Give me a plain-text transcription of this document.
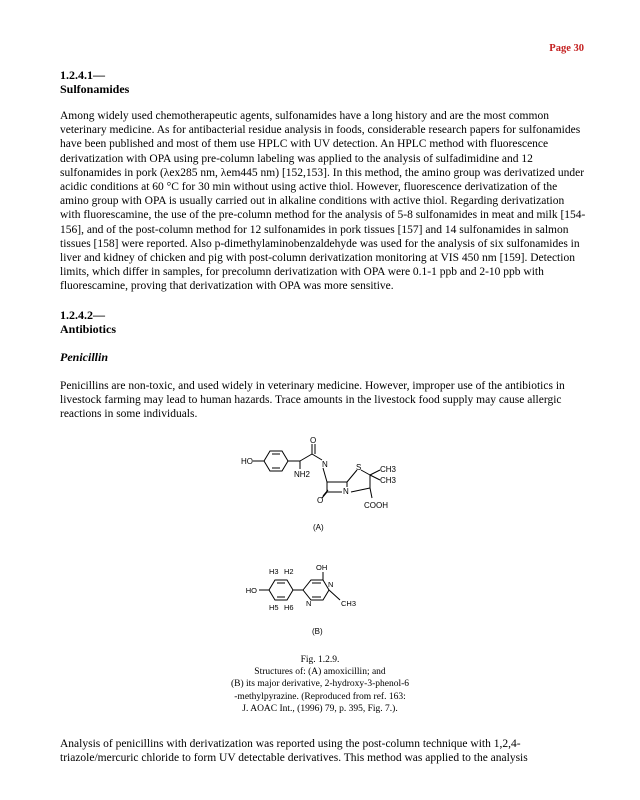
Page 30

1.2.4.1—

Sulfonamides

Among widely used chemotherapeutic agents, sulfonamides have a long history and are the most common veterinary medicine. As for antibacterial residue analysis in foods, considerable research papers for sulfonamides have been published and most of them use HPLC with UV detection. An HPLC method with fluorescence derivatization with OPA using pre-column labeling was applied to the analysis of sulfadimidine and 12 sulfonamides in pork (λex285 nm, λem445 nm) [152,153]. In this method, the amino group was derivatized under acidic conditions at 60 °C for 30 min without using active thiol. However, fluorescence derivatization of the amino group with OPA is usually carried out in alkaline conditions with active thiol. Regarding derivatization with fluorescamine, the use of the pre-column method for the analysis of 5-8 sulfonamides in meat and milk [154-156], and of the post-column method for 12 sulfonamides in pork tissues [157] and 14 sulfonamides in salmon tissues [158] were reported. Also p-dimethylaminobenzaldehyde was used for the analysis of six sulfonamides in liver and kidney of chicken and pig with post-column derivatization monitoring at VIS 450 nm [159]. Detection limits, which differ in samples, for precolumn derivatization with OPA were 0.1-1 ppb and 2-10 ppb with fluorescamine, proving that derivatization with OPA was more sensitive.

1.2.4.2—

Antibiotics

Penicillin

Penicillins are non-toxic, and used widely in veterinary medicine. However, improper use of the antibiotics in livestock farming may lead to human hazards. Trace amounts in the livestock food supply may cause allergic reactions in some individuals.

HO
O
N
NH2
S CH3
CH3
N
O
COOH
(A)
HO
H3 H2
H5 H6
OH
N
N	CH3
(B)
Fig. 1.2.9.
Structures of: (A) amoxicillin; and
(B) its major derivative, 2-hydroxy-3-phenol-6
-methylpyrazine. (Reproduced from ref. 163:
J. AOAC Int., (1996) 79, p. 395, Fig. 7.).

Analysis of penicillins with derivatization was reported using the post-column technique with 1,2,4-triazole/mercuric chloride to form UV detectable derivatives. This method was applied to the analysis
